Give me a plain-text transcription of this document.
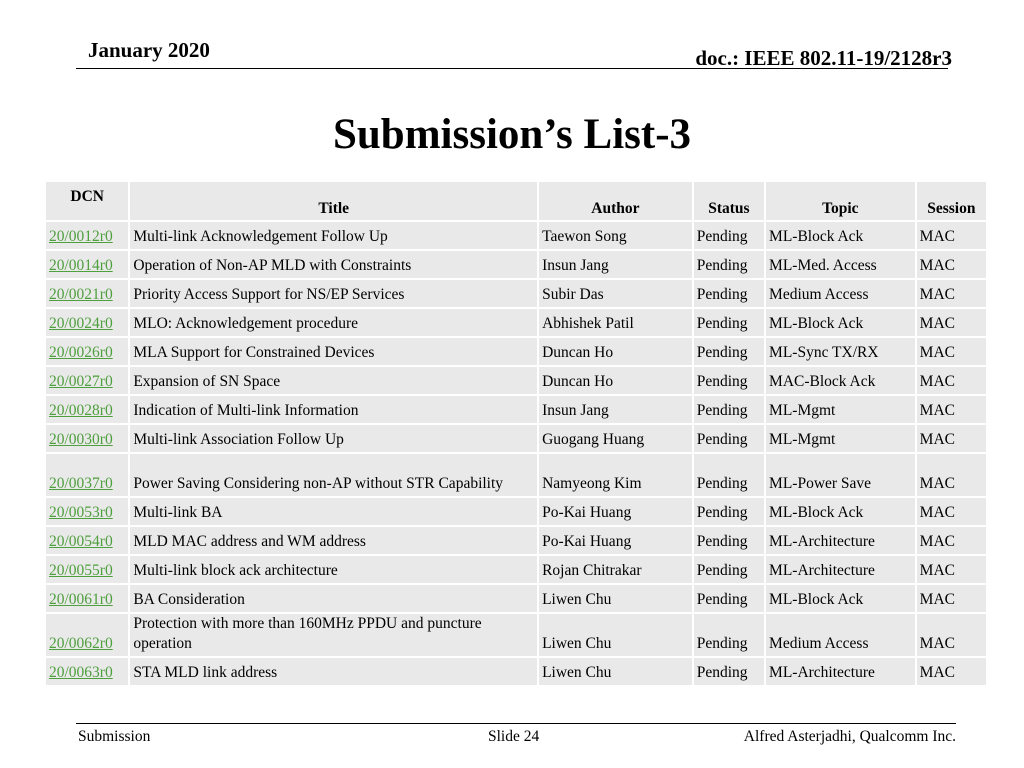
January 2020	doc.: IEEE 802.11-19/2128r3
Submission’s List-3
DCN	Title	Author	Status	Topic	Session
20/0012r0	Multi-link Acknowledgement Follow Up	Taewon Song	Pending	ML-Block Ack	MAC
20/0014r0	Operation of Non-AP MLD with Constraints	Insun Jang	Pending	ML-Med. Access	MAC
20/0021r0	Priority Access Support for NS/EP Services	Subir Das	Pending	Medium Access	MAC
20/0024r0	MLO: Acknowledgement procedure	Abhishek Patil	Pending	ML-Block Ack	MAC
20/0026r0	MLA Support for Constrained Devices	Duncan Ho	Pending	ML-Sync TX/RX	MAC
20/0027r0	Expansion of SN Space	Duncan Ho	Pending	MAC-Block Ack	MAC
20/0028r0	Indication of Multi-link Information	Insun Jang	Pending	ML-Mgmt	MAC
20/0030r0	Multi-link Association Follow Up	Guogang Huang	Pending	ML-Mgmt	MAC
20/0037r0	Power Saving Considering non-AP without STR Capability	Namyeong Kim	Pending	ML-Power Save	MAC
20/0053r0	Multi-link BA	Po-Kai Huang	Pending	ML-Block Ack	MAC
20/0054r0	MLD MAC address and WM address	Po-Kai Huang	Pending	ML-Architecture	MAC
20/0055r0	Multi-link block ack architecture	Rojan Chitrakar	Pending	ML-Architecture	MAC
20/0061r0	BA Consideration	Liwen Chu	Pending	ML-Block Ack	MAC
20/0062r0	Protection with more than 160MHz PPDU and puncture operation	Liwen Chu	Pending	Medium Access	MAC
20/0063r0	STA MLD link address	Liwen Chu	Pending	ML-Architecture	MAC
Submission	Slide 24	Alfred Asterjadhi, Qualcomm Inc.
